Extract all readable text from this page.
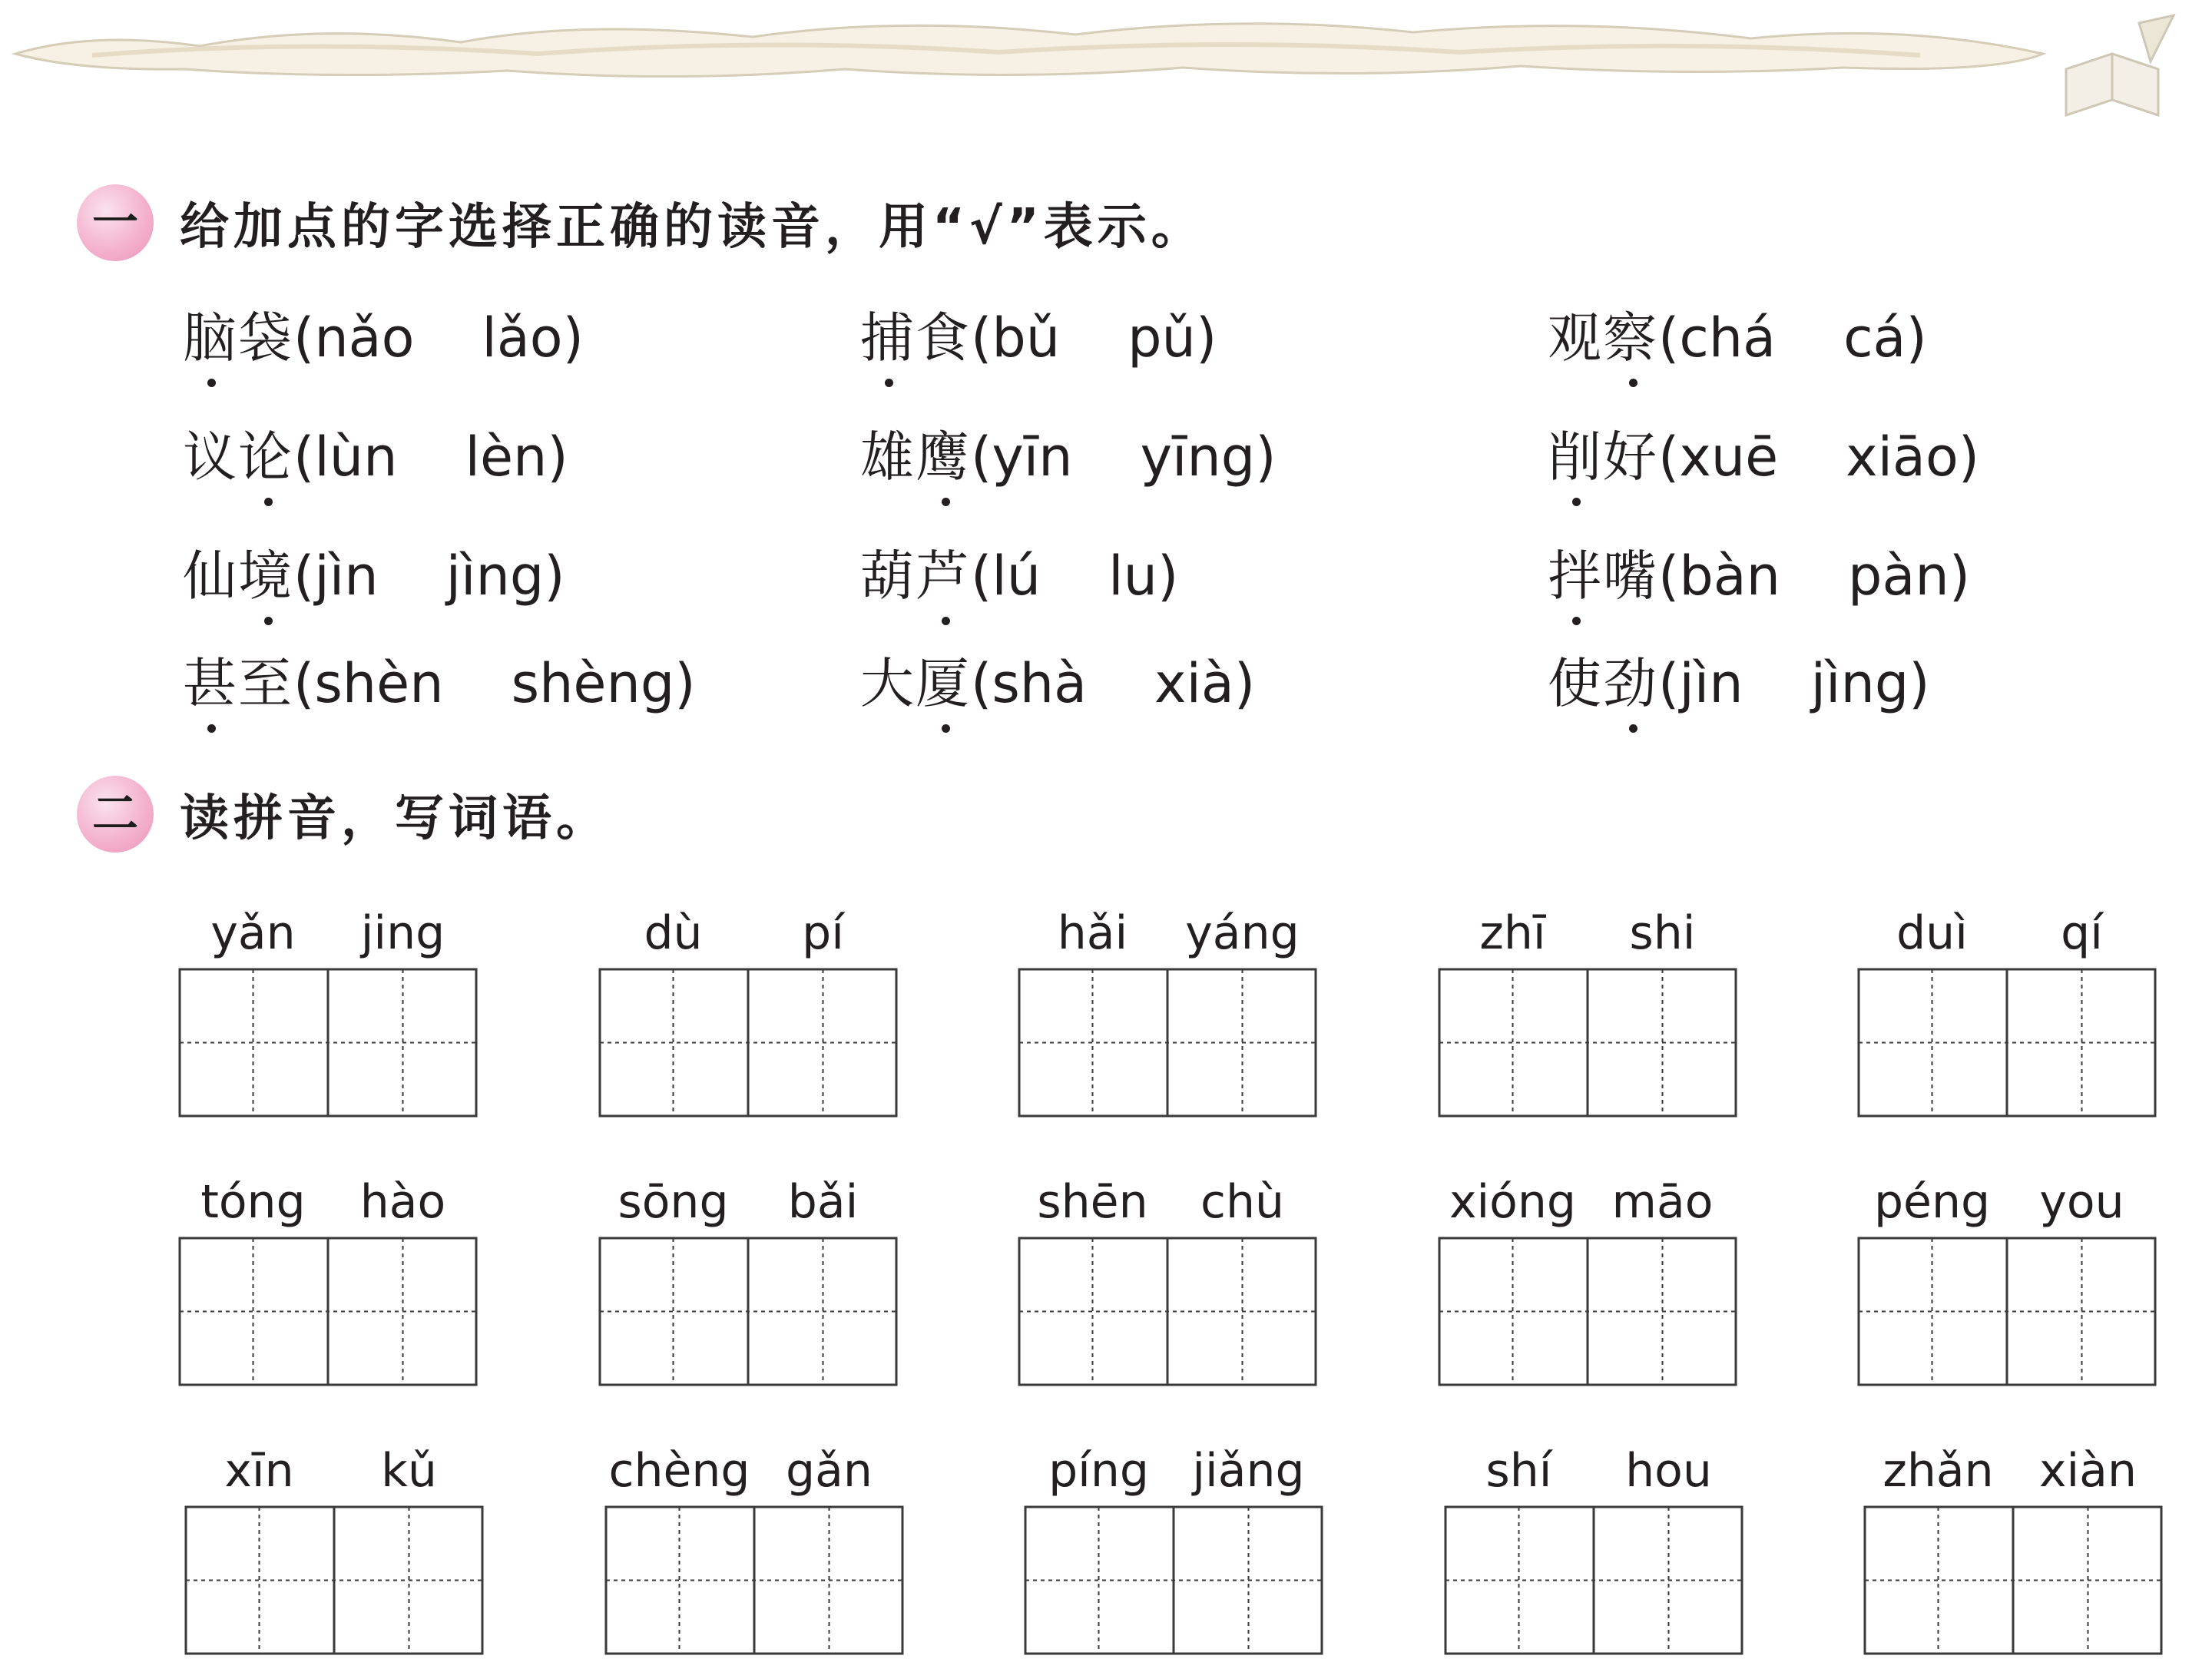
一 给加点的字选择正确的读音，用“√”表示。
脑袋(nǎo lǎo)	捕食(bǔ pǔ)	观察(chá cá)
议论(lùn lèn)	雄鹰(yīn yīng)	削好(xuē xiāo)
仙境(jìn jìng)	葫芦(lú lu)	拌嘴(bàn pàn)
甚至(shèn shèng)	大厦(shà xià)	使劲(jìn jìng)
二 读拼音，写词语。
yǎn	jing	dù	pí	hǎi	yáng	zhī	shi	duì	qí
tóng	hào	sōng	bǎi	shēn	chù	xióng māo	péng	you
xīn	kǔ	chèng gǎn	píng jiǎng	shí	hou	zhǎn xiàn
